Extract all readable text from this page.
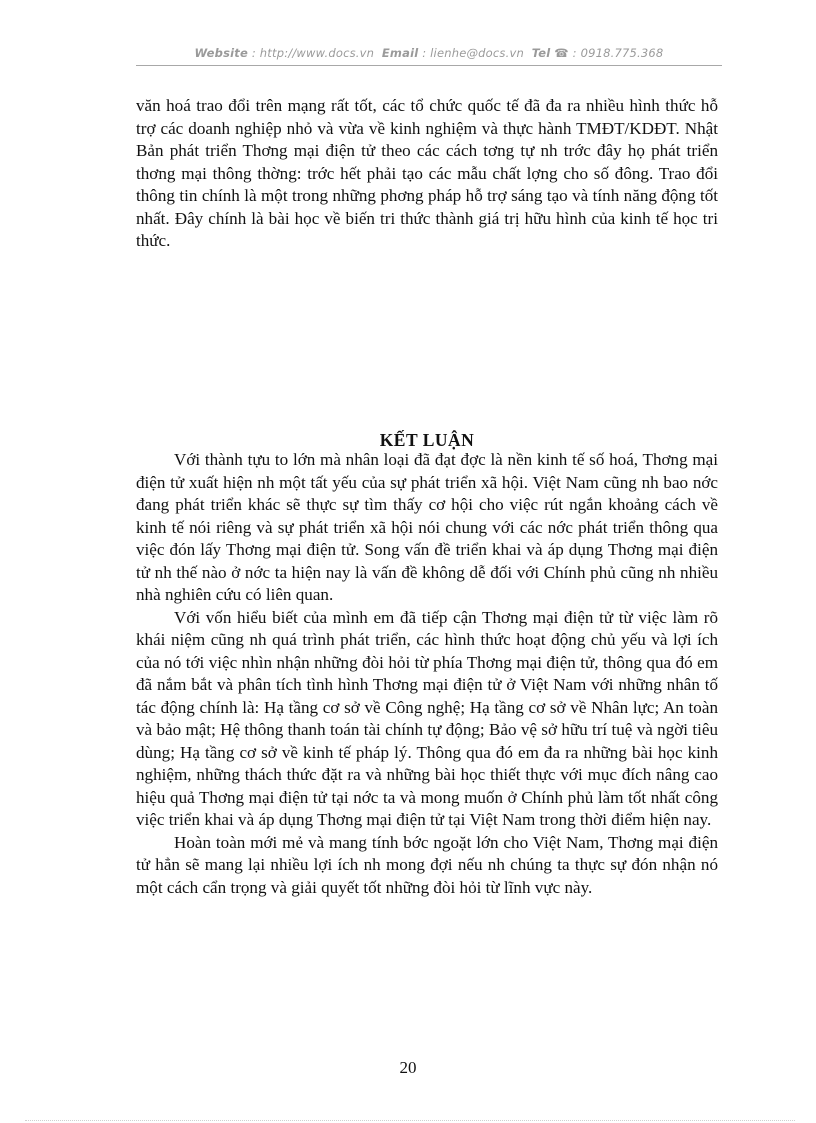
Website : http://www.docs.vn Email : lienhe@docs.vn Tel ☎ : 0918.775.368

văn hoá trao đổi trên mạng rất tốt, các tổ chức quốc tế đã đa ra nhiều hình thức hỗ trợ các doanh nghiệp nhỏ và vừa về kinh nghiệm và thực hành TMĐT/KDĐT. Nhật Bản phát triển Thơng mại điện tử theo các cách tơng tự nh trớc đây họ phát triển thơng mại thông thờng: trớc hết phải tạo các mẫu chất lợng cho số đông. Trao đổi thông tin chính là một trong những phơng pháp hỗ trợ sáng tạo và tính năng động tốt nhất. Đây chính là bài học về biến tri thức thành giá trị hữu hình của kinh tế học tri thức.

KẾT LUẬN

Với thành tựu to lớn mà nhân loại đã đạt đợc là nền kinh tế số hoá, Thơng mại điện tử xuất hiện nh một tất yếu của sự phát triển xã hội. Việt Nam cũng nh bao nớc đang phát triển khác sẽ thực sự tìm thấy cơ hội cho việc rút ngắn khoảng cách về kinh tế nói riêng và sự phát triển xã hội nói chung với các nớc phát triển thông qua việc đón lấy Thơng mại điện tử. Song vấn đề triển khai và áp dụng Thơng mại điện tử nh thế nào ở nớc ta hiện nay là vấn đề không dễ đối với Chính phủ cũng nh nhiều nhà nghiên cứu có liên quan.

Với vốn hiểu biết của mình em đã tiếp cận Thơng mại điện tử từ việc làm rõ khái niệm cũng nh quá trình phát triển, các hình thức hoạt động chủ yếu và lợi ích của nó tới việc nhìn nhận những đòi hỏi từ phía Thơng mại điện tử, thông qua đó em đã nắm bắt và phân tích tình hình Thơng mại điện tử ở Việt Nam với những nhân tố tác động chính là: Hạ tầng cơ sở về Công nghệ; Hạ tầng cơ sở về Nhân lực; An toàn và bảo mật; Hệ thông thanh toán tài chính tự động; Bảo vệ sở hữu trí tuệ và ngời tiêu dùng; Hạ tầng cơ sở về kinh tế pháp lý. Thông qua đó em đa ra những bài học kinh nghiệm, những thách thức đặt ra và những bài học thiết thực với mục đích nâng cao hiệu quả Thơng mại điện tử tại nớc ta và mong muốn ở Chính phủ làm tốt nhất công việc triển khai và áp dụng Thơng mại điện tử tại Việt Nam trong thời điểm hiện nay.

Hoàn toàn mới mẻ và mang tính bớc ngoặt lớn cho Việt Nam, Thơng mại điện tử hẳn sẽ mang lại nhiều lợi ích nh mong đợi nếu nh chúng ta thực sự đón nhận nó một cách cẩn trọng và giải quyết tốt những đòi hỏi từ lĩnh vực này.

20
